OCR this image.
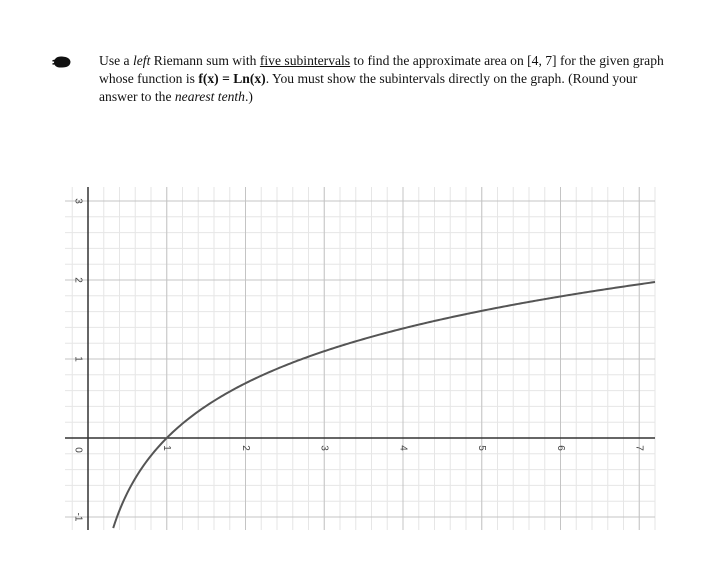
Use a left Riemann sum with five subintervals to find the approximate area on [4, 7] for the given graph whose function is f(x) = Ln(x). You must show the subintervals directly on the graph. (Round your answer to the nearest tenth.)
1	2	3	4	5	6	7
3
2
1
0
-1
